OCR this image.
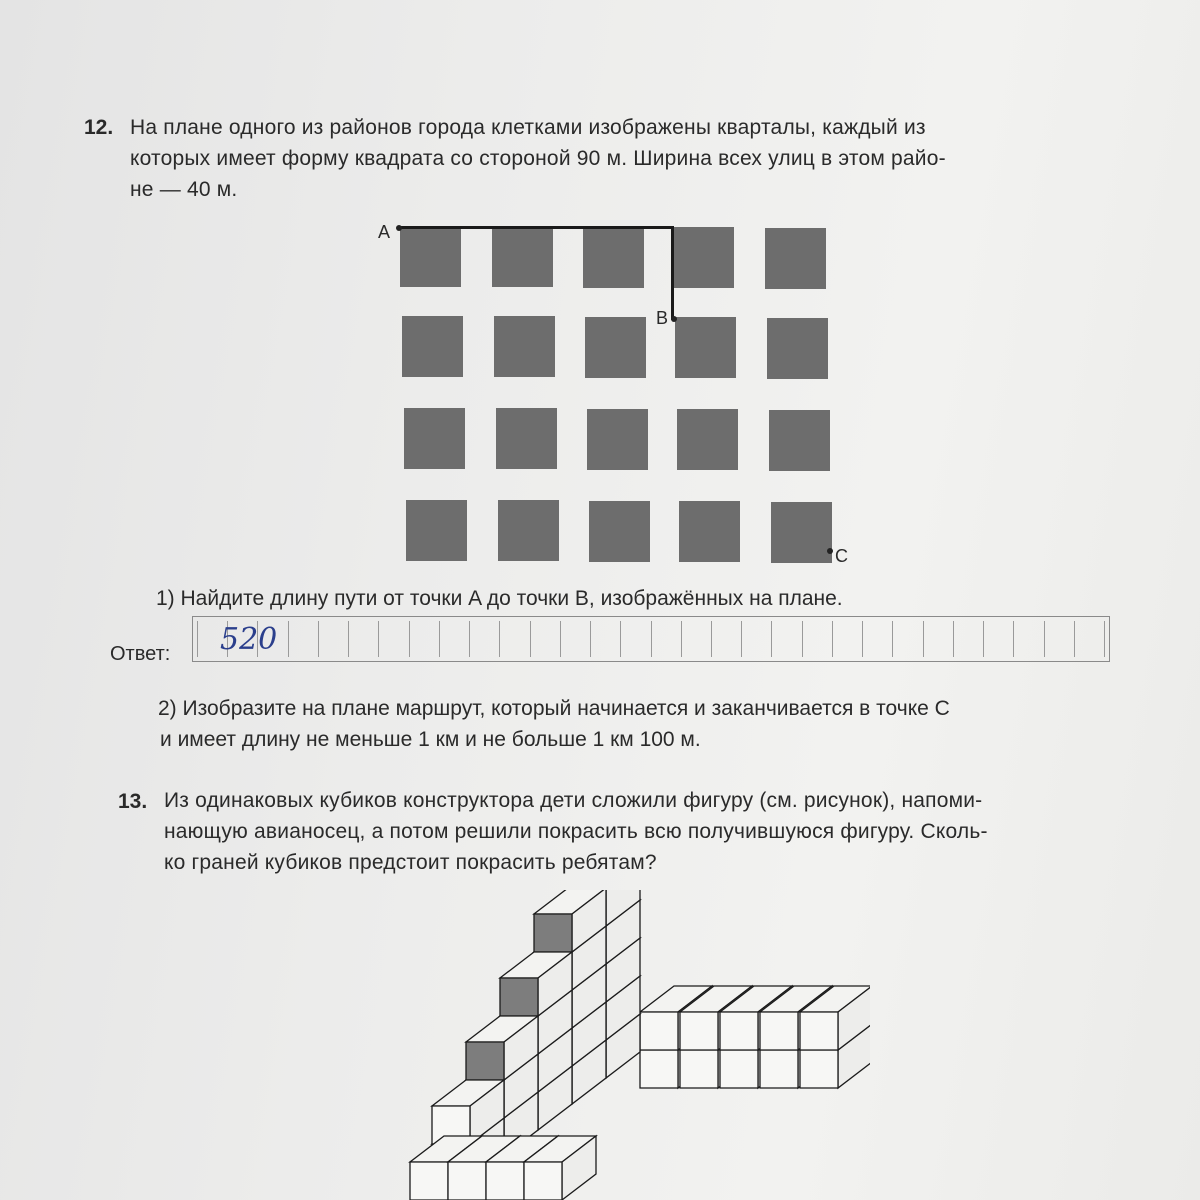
12. На плане одного из районов города клетками изображены кварталы, каждый из
которых имеет форму квадрата со стороной 90 м. Ширина всех улиц в этом райо-
не — 40 м.
A
B
C
1) Найдите длину пути от точки A до точки B, изображённых на плане.
Ответ: 520
2) Изобразите на плане маршрут, который начинается и заканчивается в точке C
и имеет длину не меньше 1 км и не больше 1 км 100 м.
13. Из одинаковых кубиков конструктора дети сложили фигуру (см. рисунок), напоми-
нающую авианосец, а потом решили покрасить всю получившуюся фигуру. Сколь-
ко граней кубиков предстоит покрасить ребятам?
